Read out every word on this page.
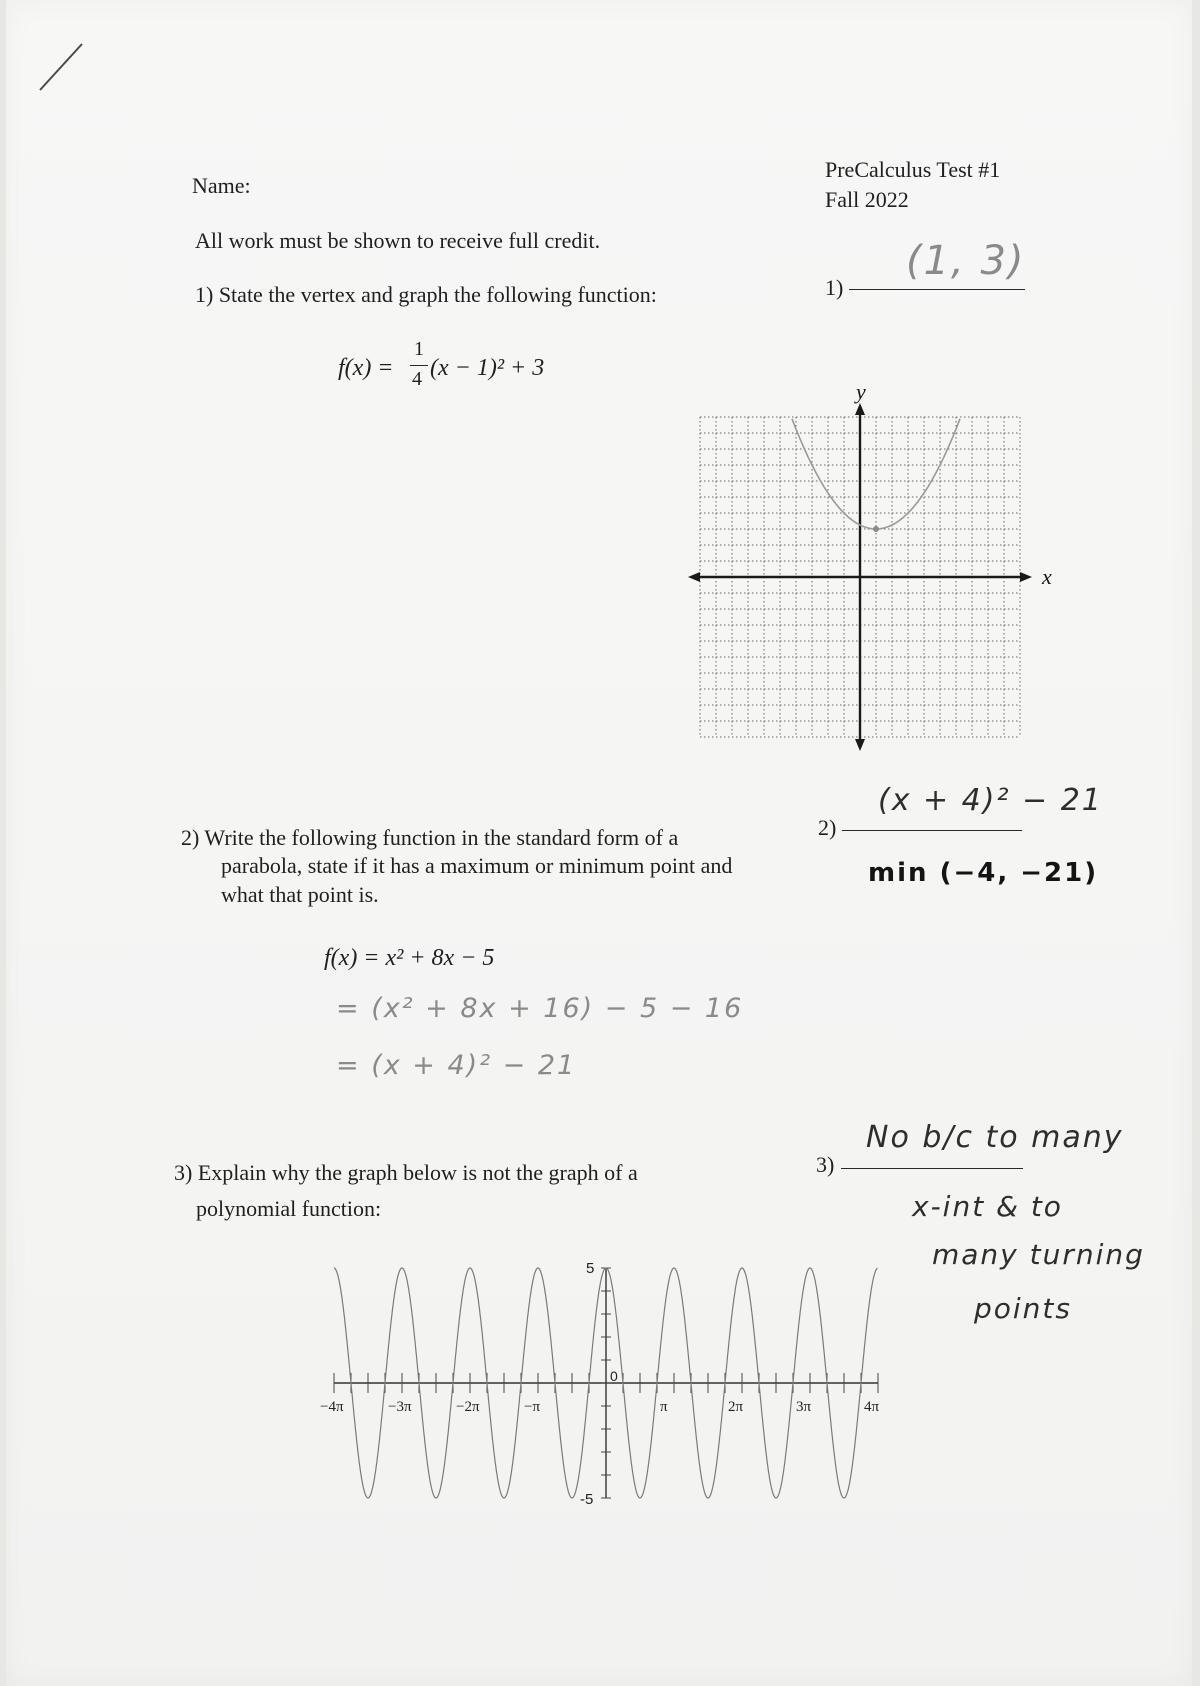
Name:
PreCalculus Test #1
Fall 2022
All work must be shown to receive full credit.
1) State the vertex and graph the following function:	1)
(1, 3)
f(x) =
1
4 (x − 1)² + 3
x
y
2) Write the following function in the standard form of a
parabola, state if it has a maximum or minimum point and
what that point is.
2)
(x + 4)² − 21
min (−4, −21)
f(x) = x² + 8x − 5
= (x² + 8x + 16) − 5 − 16
= (x + 4)² − 21
3) Explain why the graph below is not the graph of a
polynomial function:
3)
No b/c to many
x-int & to
many turning
points
5
-5
0
−4π	−3π	−2π	−π	π	2π	3π	4π
